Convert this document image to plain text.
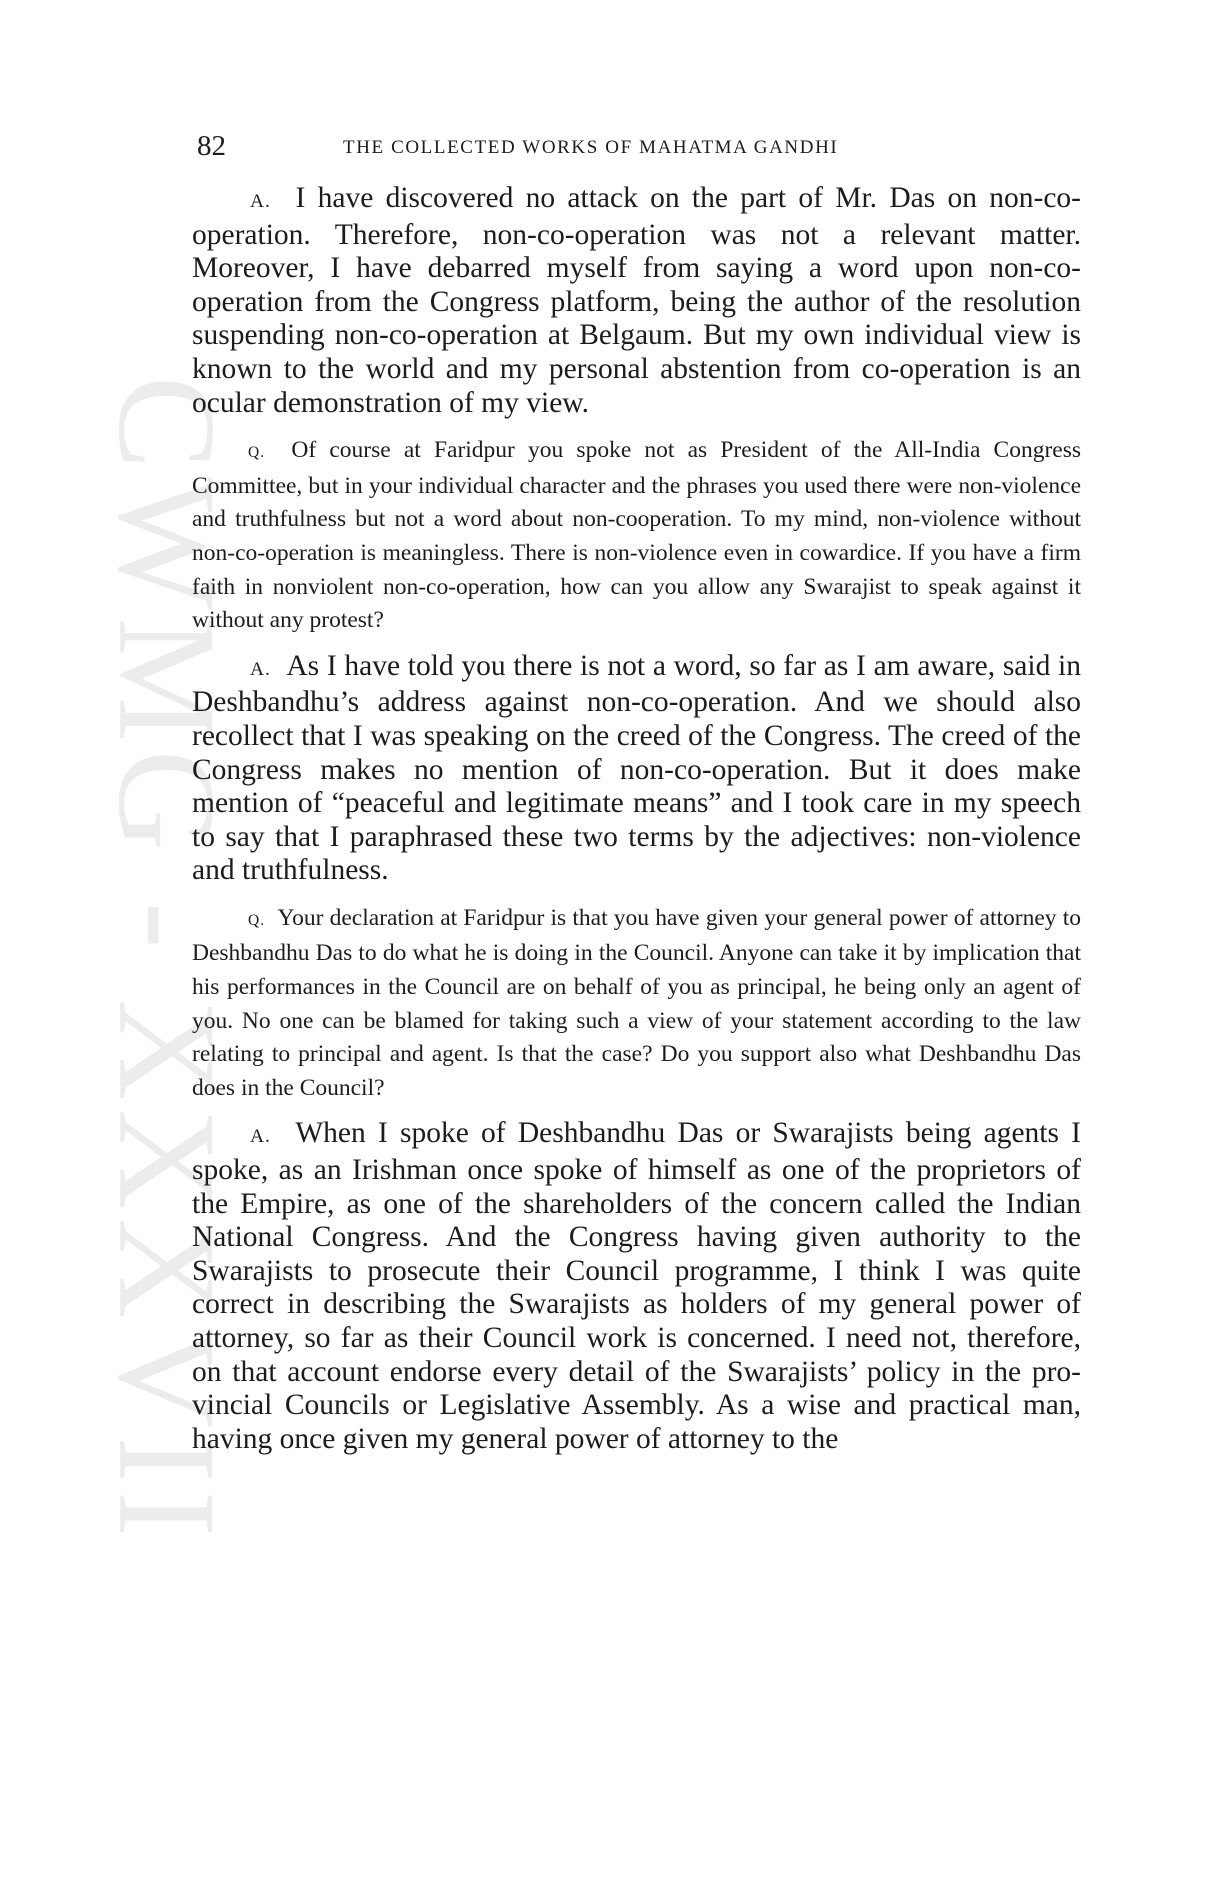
CWMG - XXXVII
82	THE COLLECTED WORKS OF MAHATMA GANDHI

A. I have discovered no attack on the part of Mr. Das on non-co-operation. Therefore, non-co-operation was not a relevant matter. Moreover, I have debarred myself from saying a word upon non-co-operation from the Congress platform, being the author of the resolution suspending non-co-operation at Belgaum. But my own individual view is known to the world and my personal abstention from co-operation is an ocular demonstration of my view.

Q. Of course at Faridpur you spoke not as President of the All-India Congress Committee, but in your individual character and the phrases you used there were non-violence and truthfulness but not a word about non-cooperation. To my mind, non-violence without non-co-operation is meaningless. There is non-violence even in cowardice. If you have a firm faith in nonviolent non-co-operation, how can you allow any Swarajist to speak against it without any protest?

A. As I have told you there is not a word, so far as I am aware, said in Deshbandhu’s address against non-co-operation. And we should also recollect that I was speaking on the creed of the Congress. The creed of the Congress makes no mention of non-co-operation. But it does make mention of “peaceful and legitimate means” and I took care in my speech to say that I paraphrased these two terms by the adjectives: non-violence and truthfulness.

Q. Your declaration at Faridpur is that you have given your general power of attorney to Deshbandhu Das to do what he is doing in the Council. Anyone can take it by implication that his performances in the Council are on behalf of you as principal, he being only an agent of you. No one can be blamed for taking such a view of your statement according to the law relating to principal and agent. Is that the case? Do you support also what Deshbandhu Das does in the Council?

A. When I spoke of Deshbandhu Das or Swarajists being agents I spoke, as an Irishman once spoke of himself as one of the proprietors of the Empire, as one of the shareholders of the concern called the Indian National Congress. And the Congress having given authority to the Swarajists to prosecute their Council programme, I think I was quite correct in describing the Swarajists as holders of my general power of attorney, so far as their Council work is concerned. I need not, therefore, on that account endorse every detail of the Swarajists’ policy in the provincial Councils or Legislative Assembly. As a wise and practical man, having once given my general power of attorney to the
